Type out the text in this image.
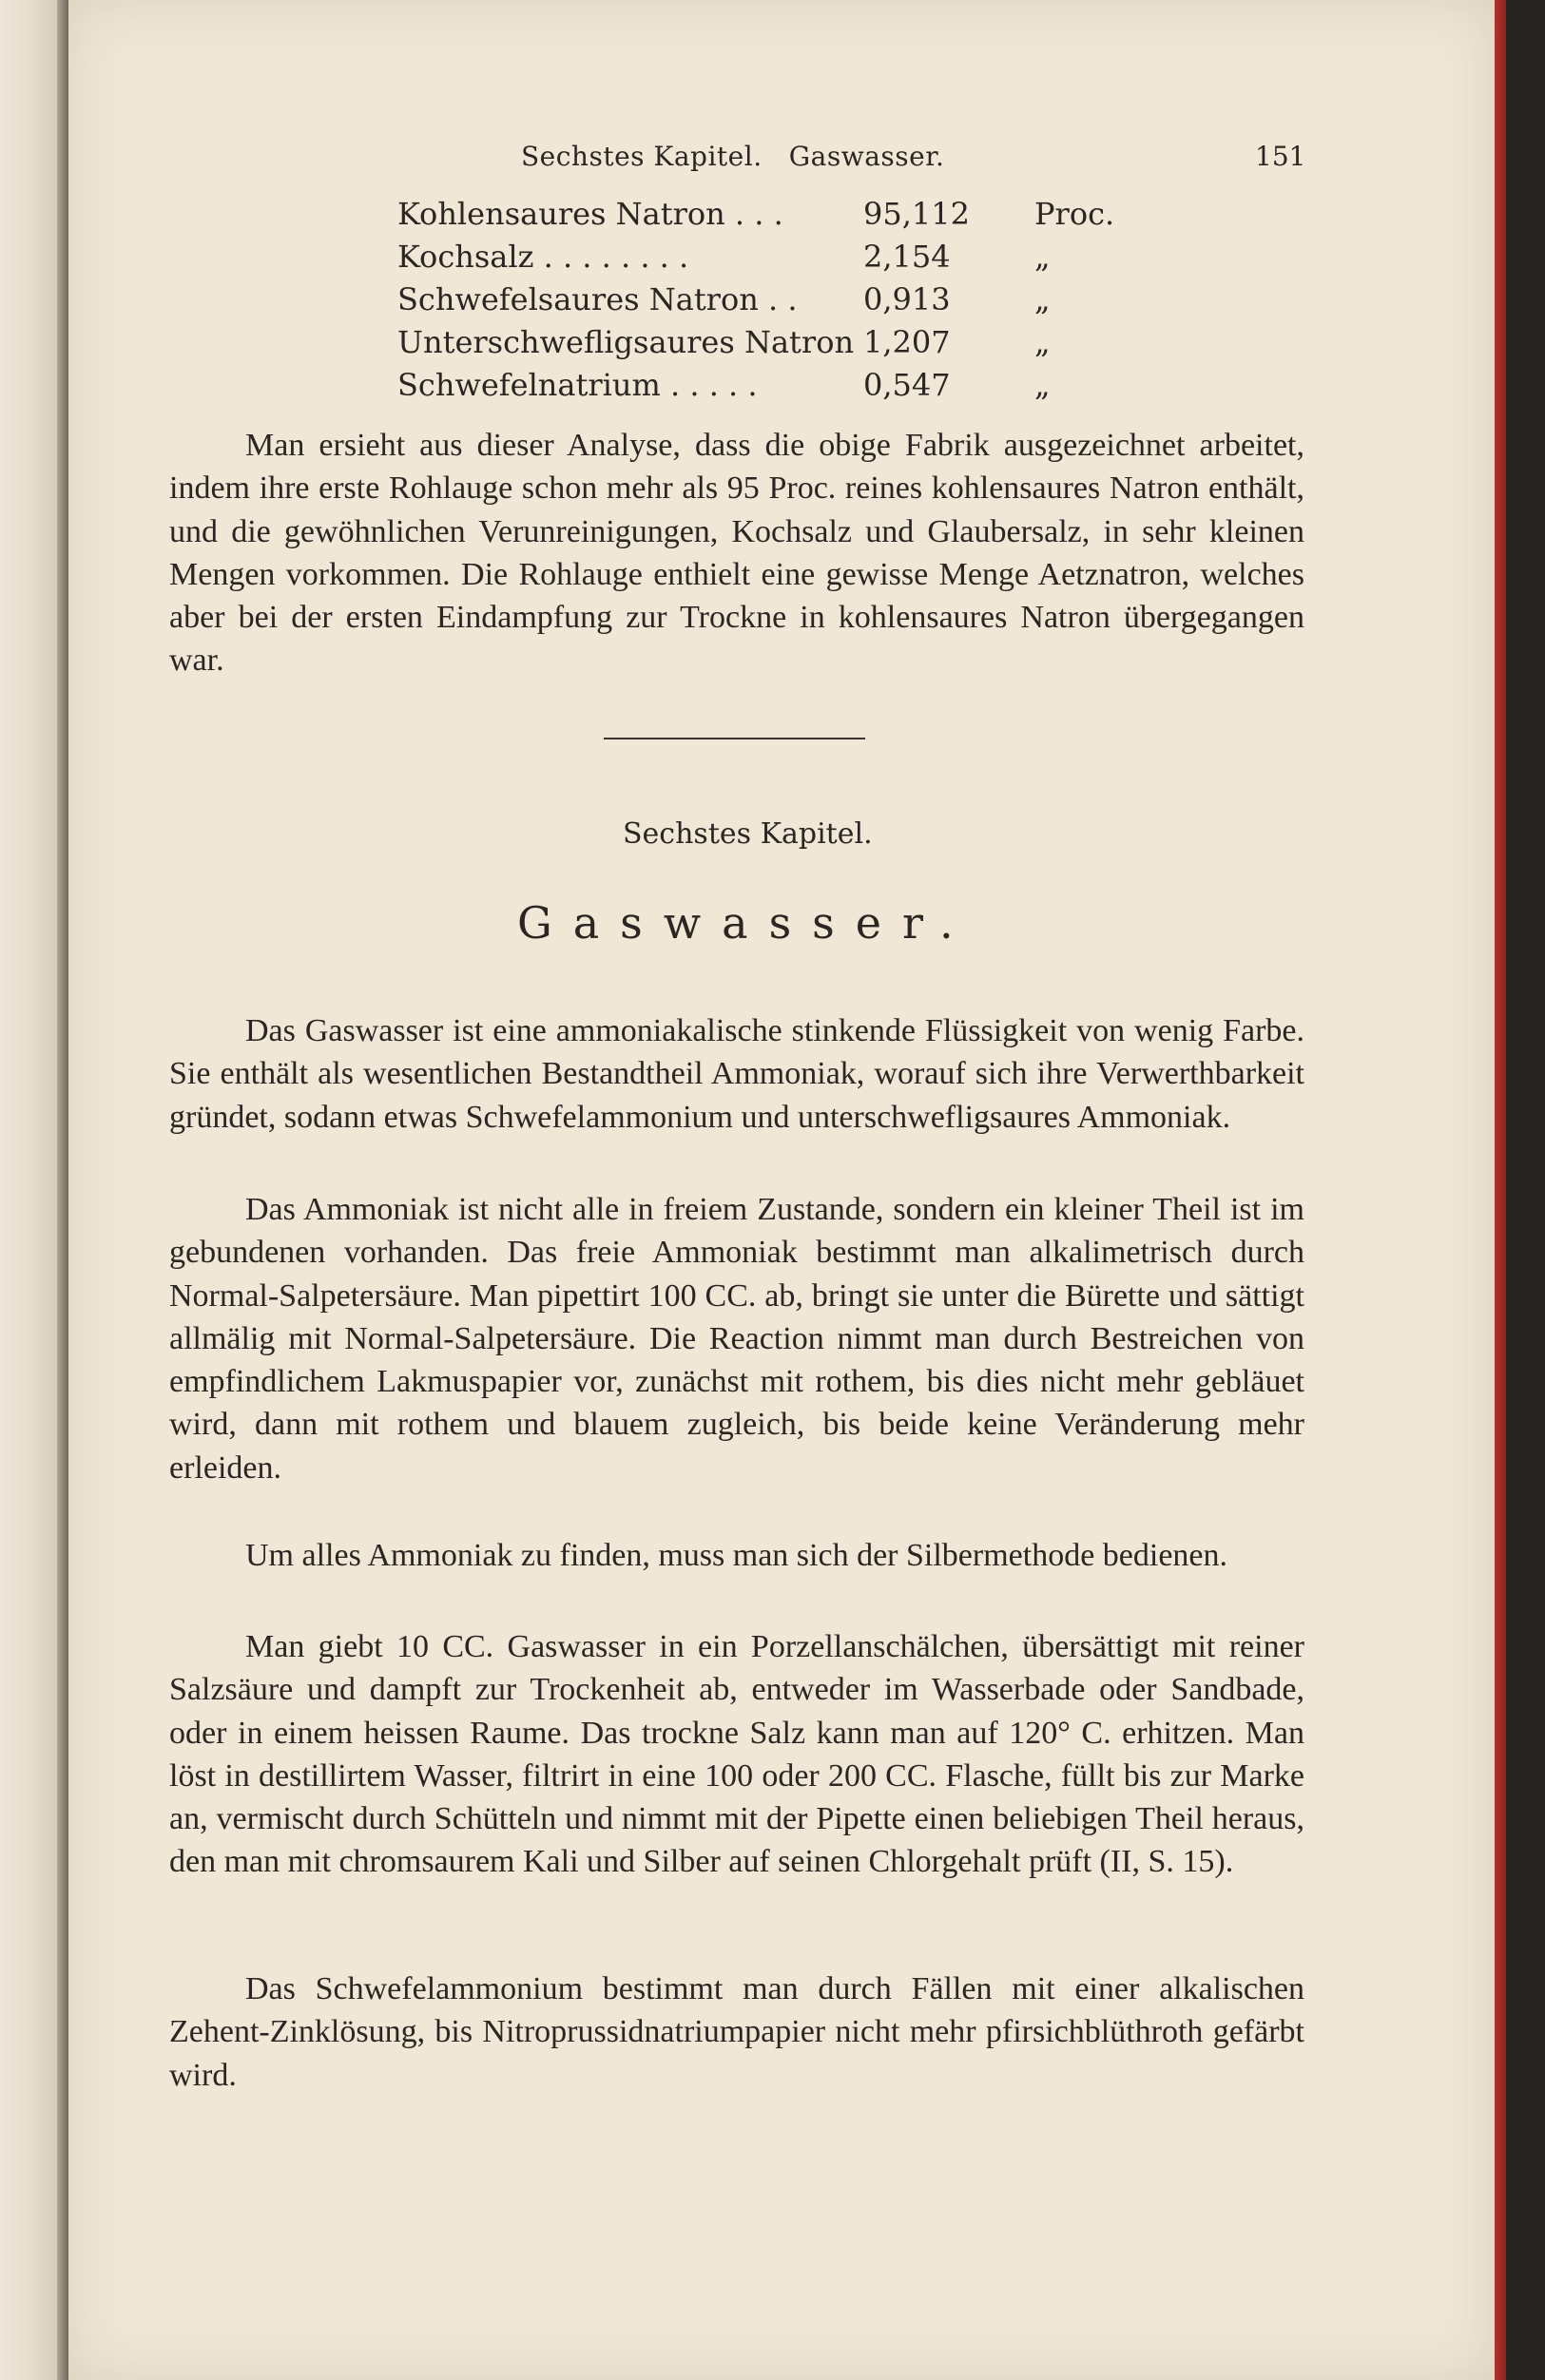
Sechstes Kapitel.   Gaswasser.	151
Kohlensaures Natron . . .	95,112 Proc.
Kochsalz . . . . . . . .	2,154	„
Schwefelsaures Natron . . 0,913	„
Unterschwefligsaures Natron 1,207	„
Schwefelnatrium . . . . .	0,547	„

Man ersieht aus dieser Analyse, dass die obige Fabrik ausgezeichnet arbeitet, indem ihre erste Rohlauge schon mehr als 95 Proc. reines kohlensaures Natron enthält, und die gewöhnlichen Verunreinigungen, Kochsalz und Glaubersalz, in sehr kleinen Mengen vorkommen. Die Rohlauge enthielt eine gewisse Menge Aetznatron, welches aber bei der ersten Eindampfung zur Trockne in kohlensaures Natron übergegangen war.

Sechstes Kapitel.
Gaswasser.

Das Gaswasser ist eine ammoniakalische stinkende Flüssigkeit von wenig Farbe. Sie enthält als wesentlichen Bestandtheil Ammoniak, worauf sich ihre Verwerthbarkeit gründet, sodann etwas Schwefelammonium und unterschwefligsaures Ammoniak.

Das Ammoniak ist nicht alle in freiem Zustande, sondern ein kleiner Theil ist im gebundenen vorhanden. Das freie Ammoniak bestimmt man alkalimetrisch durch Normal-Salpetersäure. Man pipettirt 100 CC. ab, bringt sie unter die Bürette und sättigt allmälig mit Normal-Salpetersäure. Die Reaction nimmt man durch Bestreichen von empfindlichem Lakmuspapier vor, zunächst mit rothem, bis dies nicht mehr gebläuet wird, dann mit rothem und blauem zugleich, bis beide keine Veränderung mehr erleiden.

Um alles Ammoniak zu finden, muss man sich der Silbermethode bedienen.

Man giebt 10 CC. Gaswasser in ein Porzellanschälchen, übersättigt mit reiner Salzsäure und dampft zur Trockenheit ab, entweder im Wasserbade oder Sandbade, oder in einem heissen Raume. Das trockne Salz kann man auf 120° C. erhitzen. Man löst in destillirtem Wasser, filtrirt in eine 100 oder 200 CC. Flasche, füllt bis zur Marke an, vermischt durch Schütteln und nimmt mit der Pipette einen beliebigen Theil heraus, den man mit chromsaurem Kali und Silber auf seinen Chlorgehalt prüft (II, S. 15).

Das Schwefelammonium bestimmt man durch Fällen mit einer alkalischen Zehent-Zinklösung, bis Nitroprussidnatriumpapier nicht mehr pfirsichblüthroth gefärbt wird.
